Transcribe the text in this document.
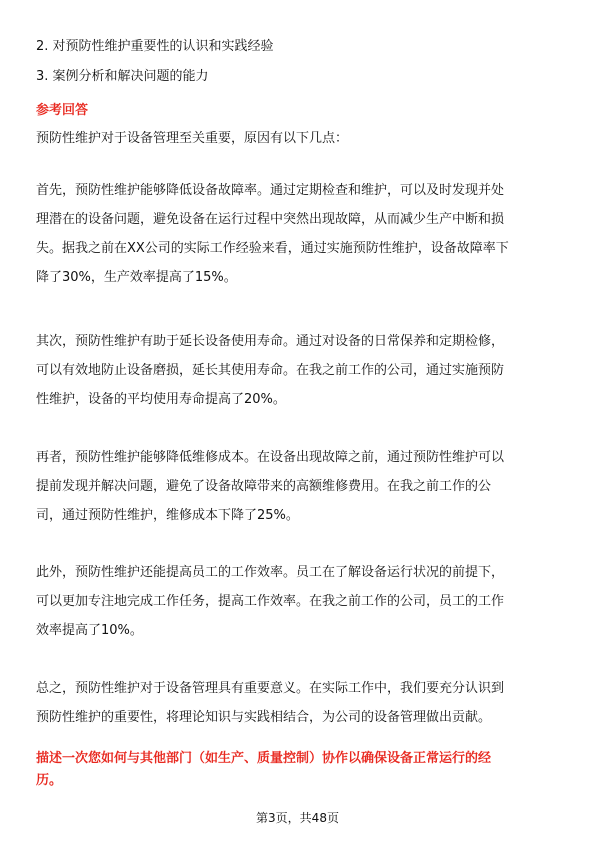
2. 对预防性维护重要性的认识和实践经验
3. 案例分析和解决问题的能力
参考回答
预防性维护对于设备管理至关重要，原因有以下几点：
首先，预防性维护能够降低设备故障率。通过定期检查和维护，可以及时发现并处
理潜在的设备问题，避免设备在运行过程中突然出现故障，从而减少生产中断和损
失。据我之前在XX公司的实际工作经验来看，通过实施预防性维护，设备故障率下
降了30%，生产效率提高了15%。
其次，预防性维护有助于延长设备使用寿命。通过对设备的日常保养和定期检修，
可以有效地防止设备磨损，延长其使用寿命。在我之前工作的公司，通过实施预防
性维护，设备的平均使用寿命提高了20%。
再者，预防性维护能够降低维修成本。在设备出现故障之前，通过预防性维护可以
提前发现并解决问题，避免了设备故障带来的高额维修费用。在我之前工作的公
司，通过预防性维护，维修成本下降了25%。
此外，预防性维护还能提高员工的工作效率。员工在了解设备运行状况的前提下，
可以更加专注地完成工作任务，提高工作效率。在我之前工作的公司，员工的工作
效率提高了10%。
总之，预防性维护对于设备管理具有重要意义。在实际工作中，我们要充分认识到
预防性维护的重要性，将理论知识与实践相结合，为公司的设备管理做出贡献。
描述一次您如何与其他部门（如生产、质量控制）协作以确保设备正常运行的经
历。
第3页，共48页
